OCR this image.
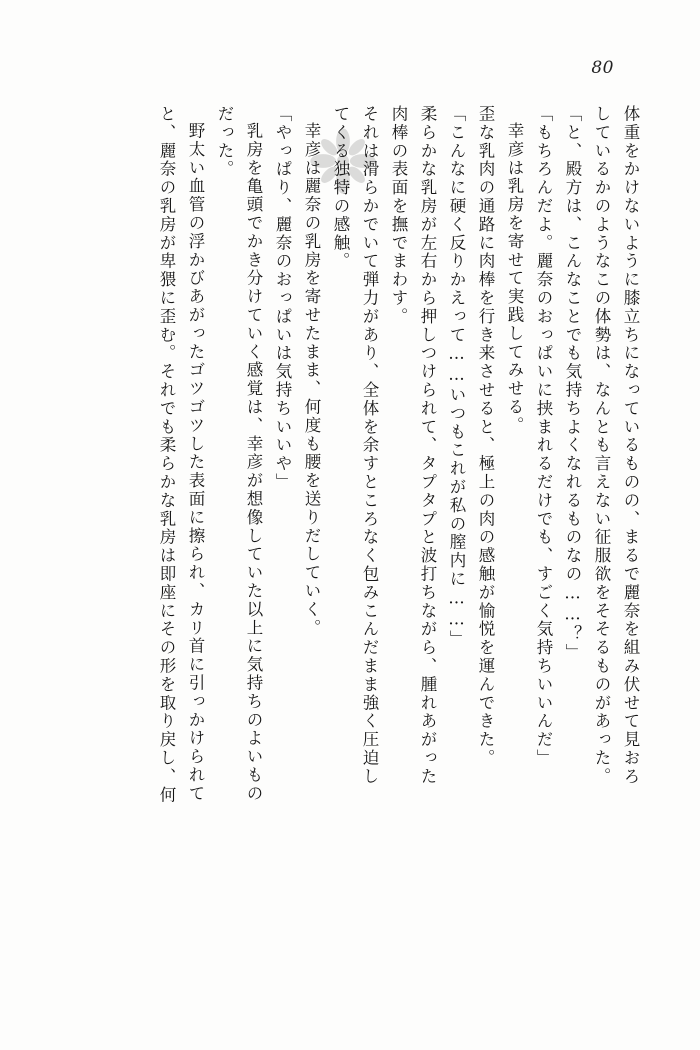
80
体重をかけないように膝立ちになっているものの、まるで麗奈を組み伏せて見おろ
しているかのようなこの体勢は、なんとも言えない征服欲をそそるものがあった。
「と、殿方は、こんなことでも気持ちよくなれるものなの……？」
「もちろんだよ。麗奈のおっぱいに挟まれるだけでも、すごく気持ちいいんだ」
幸彦は乳房を寄せて実践してみせる。
歪な乳肉の通路に肉棒を行き来させると、極上の肉の感触が愉悦を運んできた。
「こんなに硬く反りかえって……いつもこれが私の膣内に……」
柔らかな乳房が左右から押しつけられて、タプタプと波打ちながら、腫れあがった
肉棒の表面を撫でまわす。
それは滑らかでいて弾力があり、全体を余すところなく包みこんだまま強く圧迫し
てくる独特の感触。
幸彦は麗奈の乳房を寄せたまま、何度も腰を送りだしていく。
「やっぱり、麗奈のおっぱいは気持ちいいや」
乳房を亀頭でかき分けていく感覚は、幸彦が想像していた以上に気持ちのよいもの
だった。
野太い血管の浮かびあがったゴツゴツした表面に擦られ、カリ首に引っかけられて
と、麗奈の乳房が卑猥に歪む。それでも柔らかな乳房は即座にその形を取り戻し、何
